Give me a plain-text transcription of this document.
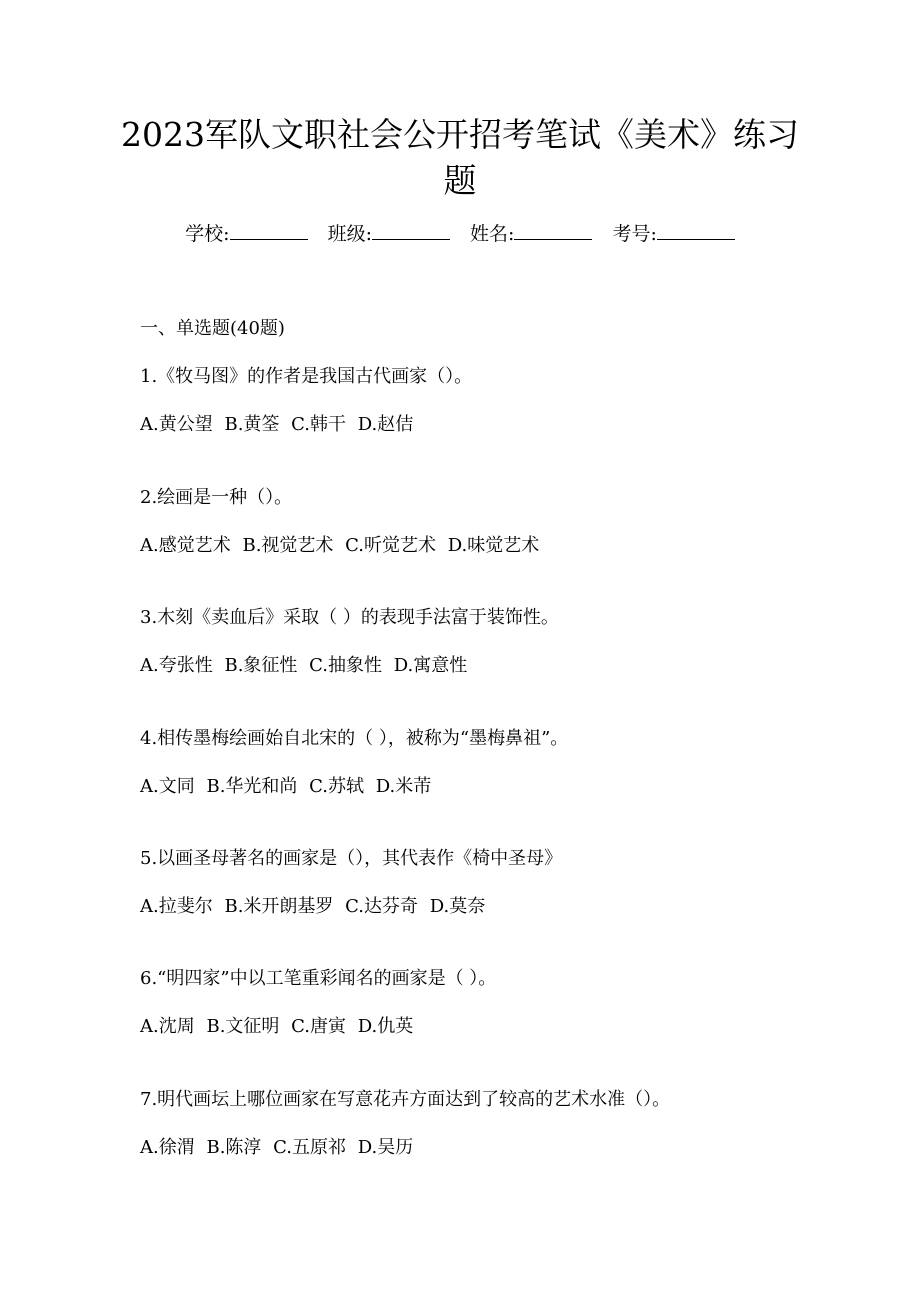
2023军队文职社会公开招考笔试《美术》练习题
学校:	班级:	姓名:	考号:
一、单选题(40题)
1.《牧马图》的作者是我国古代画家（）。
A.黄公望 B.黄筌 C.韩干 D.赵佶
2.绘画是一种（）。
A.感觉艺术 B.视觉艺术 C.听觉艺术 D.味觉艺术
3.木刻《卖血后》采取（ ）的表现手法富于装饰性。
A.夸张性 B.象征性 C.抽象性 D.寓意性
4.相传墨梅绘画始自北宋的（ ），被称为“墨梅鼻祖”。
A.文同 B.华光和尚 C.苏轼 D.米芾
5.以画圣母著名的画家是（），其代表作《椅中圣母》
A.拉斐尔 B.米开朗基罗 C.达芬奇 D.莫奈
6.“明四家”中以工笔重彩闻名的画家是（ ）。
A.沈周 B.文征明 C.唐寅 D.仇英
7.明代画坛上哪位画家在写意花卉方面达到了较高的艺术水准（）。
A.徐渭 B.陈淳 C.五原祁 D.吴历
